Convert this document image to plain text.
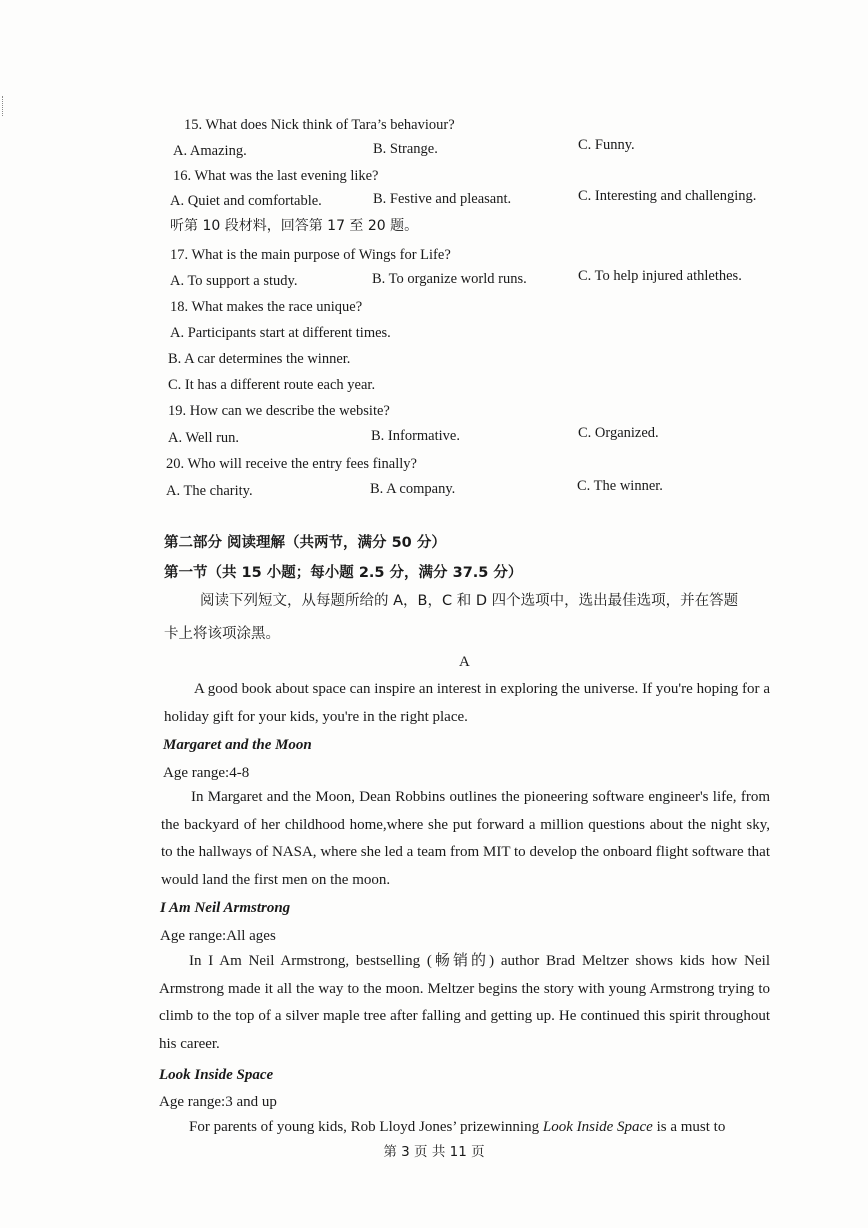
15. What does Nick think of Tara’s behaviour?
A. Amazing.	B. Strange.	C. Funny.
16. What was the last evening like?
A. Quiet and comfortable.	B. Festive and pleasant.	C. Interesting and challenging.
听第 10 段材料，回答第 17 至 20 题。
17. What is the main purpose of Wings for Life?
A. To support a study.	B. To organize world runs.	C. To help injured athlethes.
18. What makes the race unique?
A. Participants start at different times.
B. A car determines the winner.
C. It has a different route each year.
19. How can we describe the website?
A. Well run.	B. Informative.	C. Organized.
20. Who will receive the entry fees finally?
A. The charity.	B. A company.	C. The winner.
第二部分 阅读理解（共两节，满分 50 分）
第一节（共 15 小题；每小题 2.5 分，满分 37.5 分）
阅读下列短文，从每题所给的 A，B，C 和 D 四个选项中，选出最佳选项，并在答题
卡上将该项涂黑。
A
A good book about space can inspire an interest in exploring the universe. If you're hoping for a holiday gift for your kids, you're in the right place.
Margaret and the Moon
Age range:4-8
In Margaret and the Moon, Dean Robbins outlines the pioneering software engineer's life, from the backyard of her childhood home,where she put forward a million questions about the night sky, to the hallways of NASA, where she led a team from MIT to develop the onboard flight software that would land the first men on the moon.
I Am Neil Armstrong
Age range:All ages
In I Am Neil Armstrong, bestselling (畅销的) author Brad Meltzer shows kids how Neil Armstrong made it all the way to the moon. Meltzer begins the story with young Armstrong trying to climb to the top of a silver maple tree after falling and getting up. He continued this spirit throughout his career.
Look Inside Space
Age range:3 and up
For parents of young kids, Rob Lloyd Jones’ prizewinning Look Inside Space is a must to
第 3 页 共 11 页
